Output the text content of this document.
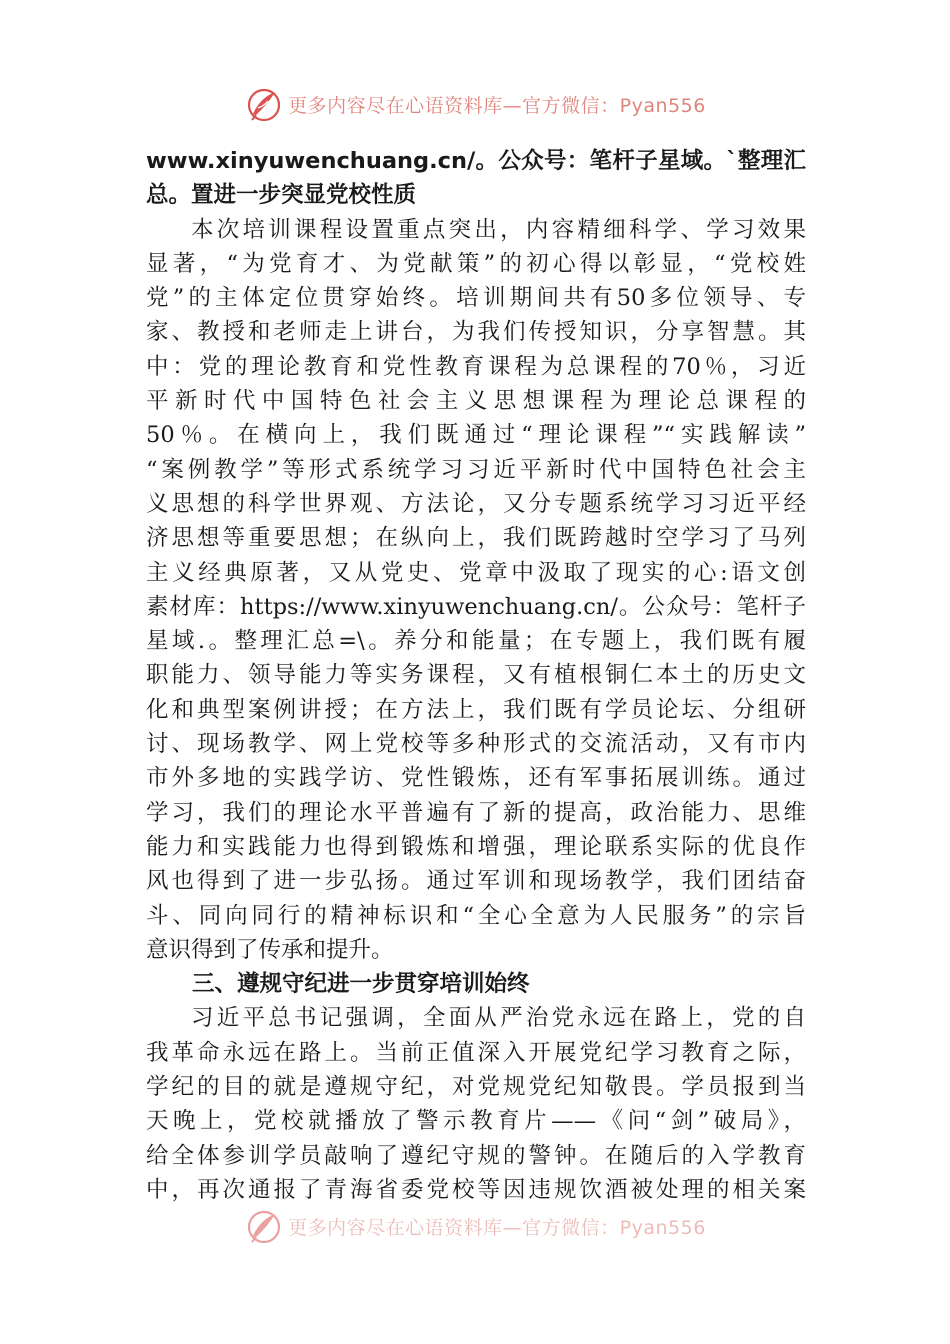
更多内容尽在心语资料库—官方微信：Pyan556
www.xinyuwenchuang.cn/。公众号：笔杆子星域。`整理汇
总。置进一步突显党校性质
本次培训课程设置重点突出，内容精细科学、学习效果
显著，“为党育才、为党献策”的初心得以彰显，“党校姓
党”的主体定位贯穿始终。培训期间共有50多位领导、专
家、教授和老师走上讲台，为我们传授知识，分享智慧。其
中：党的理论教育和党性教育课程为总课程的70％，习近
平新时代中国特色社会主义思想课程为理论总课程的
50％。在横向上，我们既通过“理论课程”“实践解读”
“案例教学”等形式系统学习习近平新时代中国特色社会主
义思想的科学世界观、方法论，又分专题系统学习习近平经
济思想等重要思想；在纵向上，我们既跨越时空学习了马列
主义经典原著，又从党史、党章中汲取了现实的心:语文创
素材库：https://www.xinyuwenchuang.cn/。公众号：笔杆子
星域.。整理汇总=\。养分和能量；在专题上，我们既有履
职能力、领导能力等实务课程，又有植根铜仁本土的历史文
化和典型案例讲授；在方法上，我们既有学员论坛、分组研
讨、现场教学、网上党校等多种形式的交流活动，又有市内
市外多地的实践学访、党性锻炼，还有军事拓展训练。通过
学习，我们的理论水平普遍有了新的提高，政治能力、思维
能力和实践能力也得到锻炼和增强，理论联系实际的优良作
风也得到了进一步弘扬。通过军训和现场教学，我们团结奋
斗、同向同行的精神标识和“全心全意为人民服务”的宗旨
意识得到了传承和提升。
三、遵规守纪进一步贯穿培训始终
习近平总书记强调，全面从严治党永远在路上，党的自
我革命永远在路上。当前正值深入开展党纪学习教育之际，
学纪的目的就是遵规守纪，对党规党纪知敬畏。学员报到当
天晚上，党校就播放了警示教育片——《问“剑”破局》，
给全体参训学员敲响了遵纪守规的警钟。在随后的入学教育
中，再次通报了青海省委党校等因违规饮酒被处理的相关案
更多内容尽在心语资料库—官方微信：Pyan556
